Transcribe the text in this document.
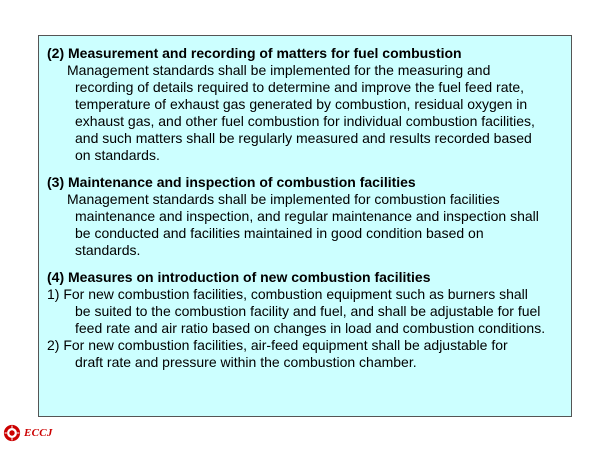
(2) Measurement and recording of matters for fuel combustion
Management standards shall be implemented for the measuring and
recording of details required to determine and improve the fuel feed rate,
temperature of exhaust gas generated by combustion, residual oxygen in
exhaust gas, and other fuel combustion for individual combustion facilities,
and such matters shall be regularly measured and results recorded based
on standards.
(3) Maintenance and inspection of combustion facilities
Management standards shall be implemented for combustion facilities
maintenance and inspection, and regular maintenance and inspection shall
be conducted and facilities maintained in good condition based on
standards.
(4) Measures on introduction of new combustion facilities
1) For new combustion facilities, combustion equipment such as burners shall
be suited to the combustion facility and fuel, and shall be adjustable for fuel
feed rate and air ratio based on changes in load and combustion conditions.
2) For new combustion facilities, air-feed equipment shall be adjustable for
draft rate and pressure within the combustion chamber.
ECCJ
